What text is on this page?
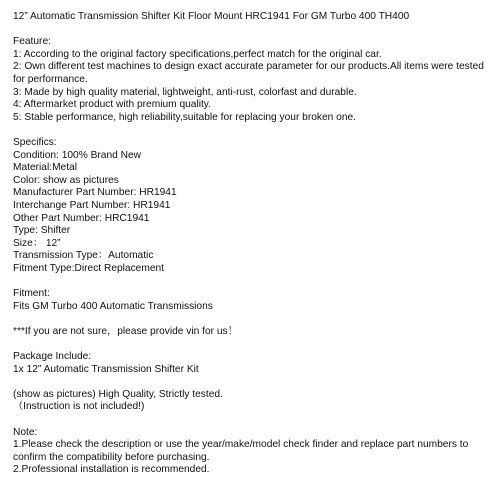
12” Automatic Transmission Shifter Kit Floor Mount HRC1941 For GM Turbo 400 TH400
Feature:
1: According to the original factory specifications,perfect match for the original car.
2: Own different test machines to design exact accurate parameter for our products.All items were tested for performance.
3: Made by high quality material, lightweight, anti-rust, colorfast and durable.
4: Aftermarket product with premium quality.
5: Stable performance, high reliability,suitable for replacing your broken one.
Specifics:
Condition: 100% Brand New
Material:Metal
Color: show as pictures
Manufacturer Part Number: HR1941
Interchange Part Number: HR1941
Other Part Number: HRC1941
Type: Shifter
Size： 12”
Transmission Type：Automatic
Fitment Type:Direct Replacement
Fitment:
Fits GM Turbo 400 Automatic Transmissions
***If you are not sure，please provide vin for us！
Package Include:
1x 12” Automatic Transmission Shifter Kit
(show as pictures) High Quality, Strictly tested.
（Instruction is not included!)
Note:
1.Please check the description or use the year/make/model check finder and replace part numbers to confirm the compatibility before purchasing.
2.Professional installation is recommended.
